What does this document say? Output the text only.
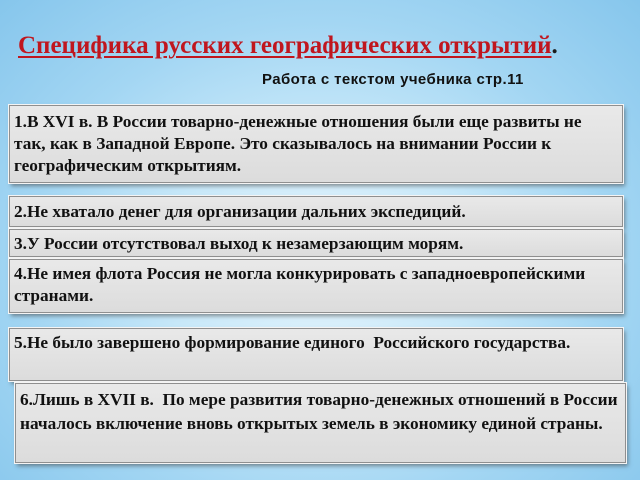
Специфика русских географических открытий.
Работа с текстом учебника стр.11
1.В XVI в. В России товарно-денежные отношения были еще развиты не так, как в Западной Европе. Это сказывалось на внимании России к географическим открытиям.
2.Не хватало денег для организации дальних экспедиций.
3.У России отсутствовал выход к незамерзающим морям.
4.Не имея флота Россия не могла конкурировать с западноевропейскими странами.
5.Не было завершено формирование единого  Российского государства.
6.Лишь в XVII в.  По мере развития товарно-денежных отношений в России началось включение вновь открытых земель в экономику единой страны.
